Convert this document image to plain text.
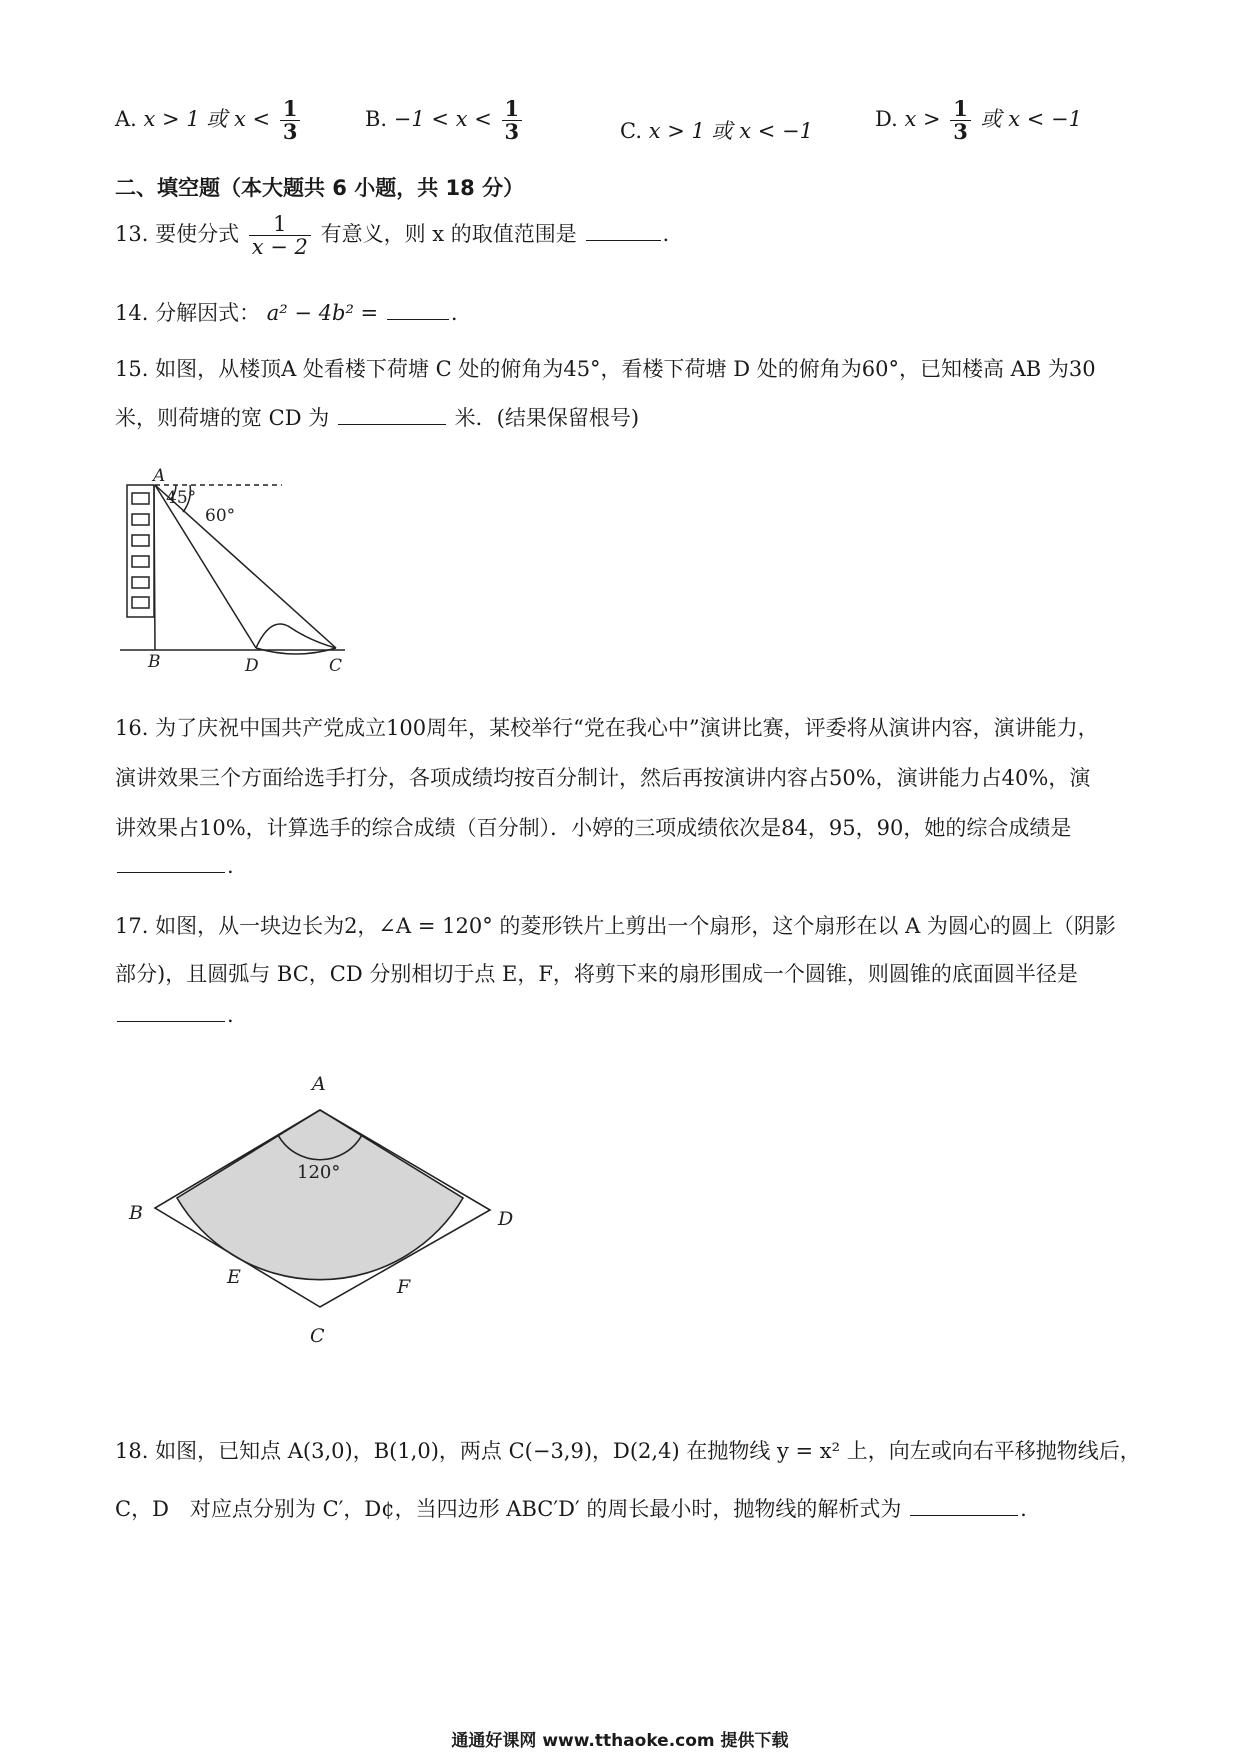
A. x > 1 或 $x < \frac{1}{3}$	B. $-1 < x < \frac{1}{3}$	C. x > 1 或 x < −1	D. $x > \frac{1}{3}$ 或 x < −1
二、填空题（本大题共 6 小题，共 18 分）
13. 要使分式 $\frac{1}{x - 2}$ 有意义，则 x 的取值范围是	.
14. 分解因式： a² − 4b² =	.
15. 如图，从楼顶A 处看楼下荷塘 C 处的俯角为45°，看楼下荷塘 D 处的俯角为60°，已知楼高 AB 为30
米，则荷塘的宽 CD 为	米．(结果保留根号)
A
B	D	C
45°
60°
16. 为了庆祝中国共产党成立100周年，某校举行“党在我心中”演讲比赛，评委将从演讲内容，演讲能力，
演讲效果三个方面给选手打分，各项成绩均按百分制计，然后再按演讲内容占50%，演讲能力占40%，演
讲效果占10%，计算选手的综合成绩（百分制）．小婷的三项成绩依次是84，95，90，她的综合成绩是
.
17. 如图，从一块边长为2，∠A = 120° 的菱形铁片上剪出一个扇形，这个扇形在以 A 为圆心的圆上（阴影
部分)，且圆弧与 BC，CD 分别相切于点 E，F，将剪下来的扇形围成一个圆锥，则圆锥的底面圆半径是
.
A
B	D
C
E	F
120°
18. 如图，已知点 A(3,0)，B(1,0)，两点 C(−3,9)，D(2,4) 在抛物线 y = x² 上，向左或向右平移抛物线后，
C，D　对应点分别为 C′，D¢，当四边形 ABC′D′ 的周长最小时，抛物线的解析式为	.
通通好课网 www.tthaoke.com 提供下载
